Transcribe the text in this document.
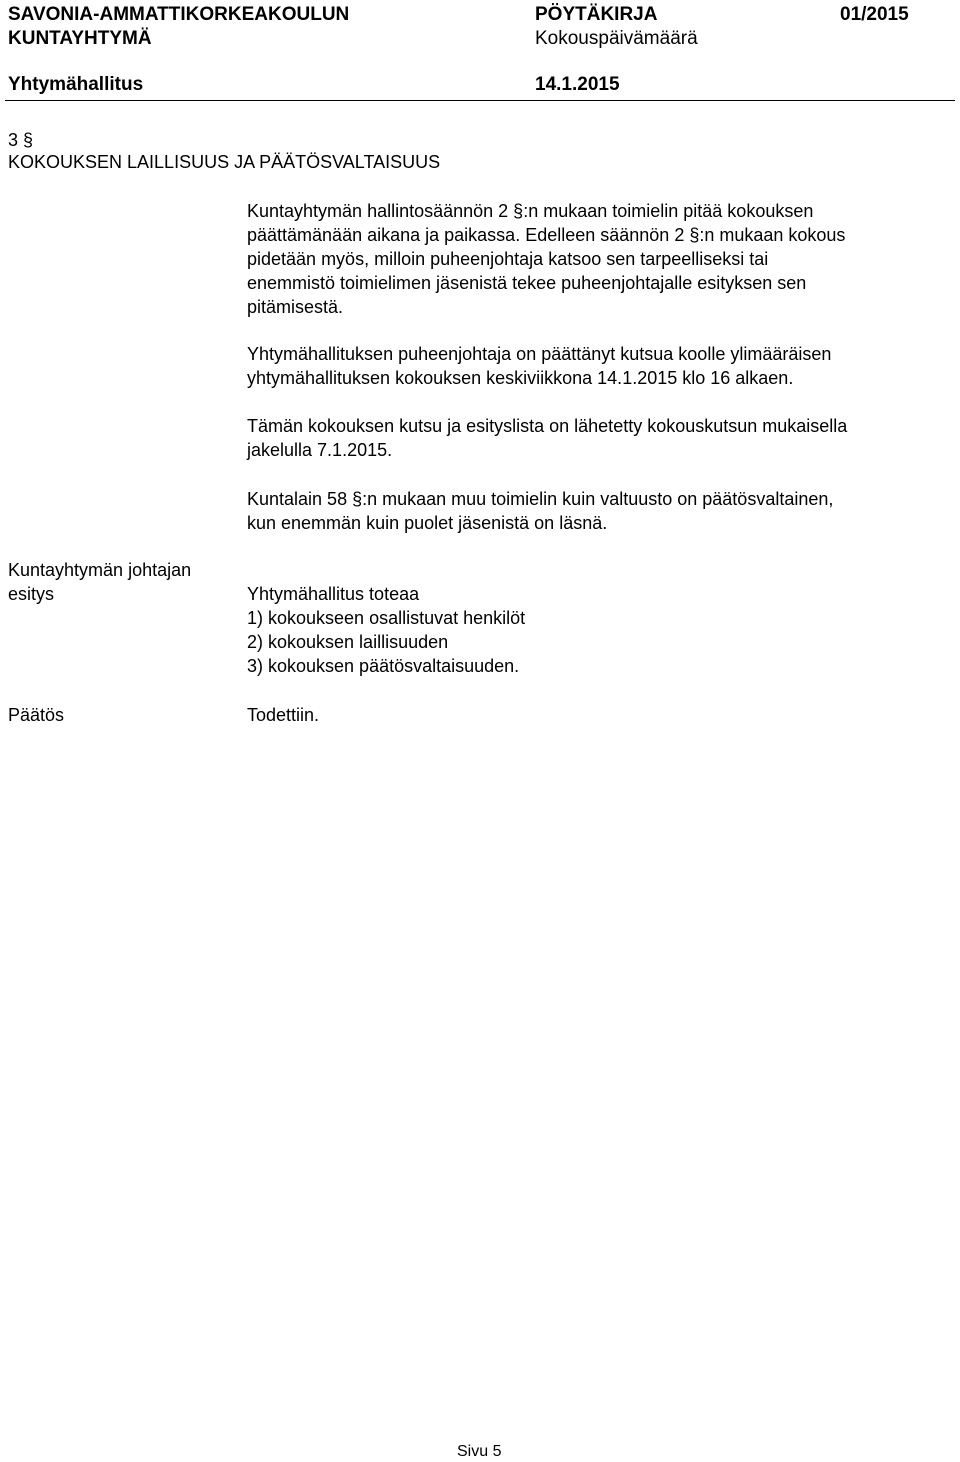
SAVONIA-AMMATTIKORKEAKOULUN
KUNTAYHTYMÄ
PÖYTÄKIRJA
Kokouspäivämäärä
01/2015
Yhtymähallitus	14.1.2015
3 §
KOKOUKSEN LAILLISUUS JA PÄÄTÖSVALTAISUUS
Kuntayhtymän hallintosäännön 2 §:n mukaan toimielin pitää kokouksen
päättämänään aikana ja paikassa. Edelleen säännön 2 §:n mukaan kokous
pidetään myös, milloin puheenjohtaja katsoo sen tarpeelliseksi tai
enemmistö toimielimen jäsenistä tekee puheenjohtajalle esityksen sen
pitämisestä.
Yhtymähallituksen puheenjohtaja on päättänyt kutsua koolle ylimääräisen
yhtymähallituksen kokouksen keskiviikkona 14.1.2015 klo 16 alkaen.
Tämän kokouksen kutsu ja esityslista on lähetetty kokouskutsun mukaisella
jakelulla 7.1.2015.
Kuntalain 58 §:n mukaan muu toimielin kuin valtuusto on päätösvaltainen,
kun enemmän kuin puolet jäsenistä on läsnä.
Kuntayhtymän johtajan
esitys	Yhtymähallitus toteaa
1) kokoukseen osallistuvat henkilöt
2) kokouksen laillisuuden
3) kokouksen päätösvaltaisuuden.
Päätös	Todettiin.
Sivu 5
